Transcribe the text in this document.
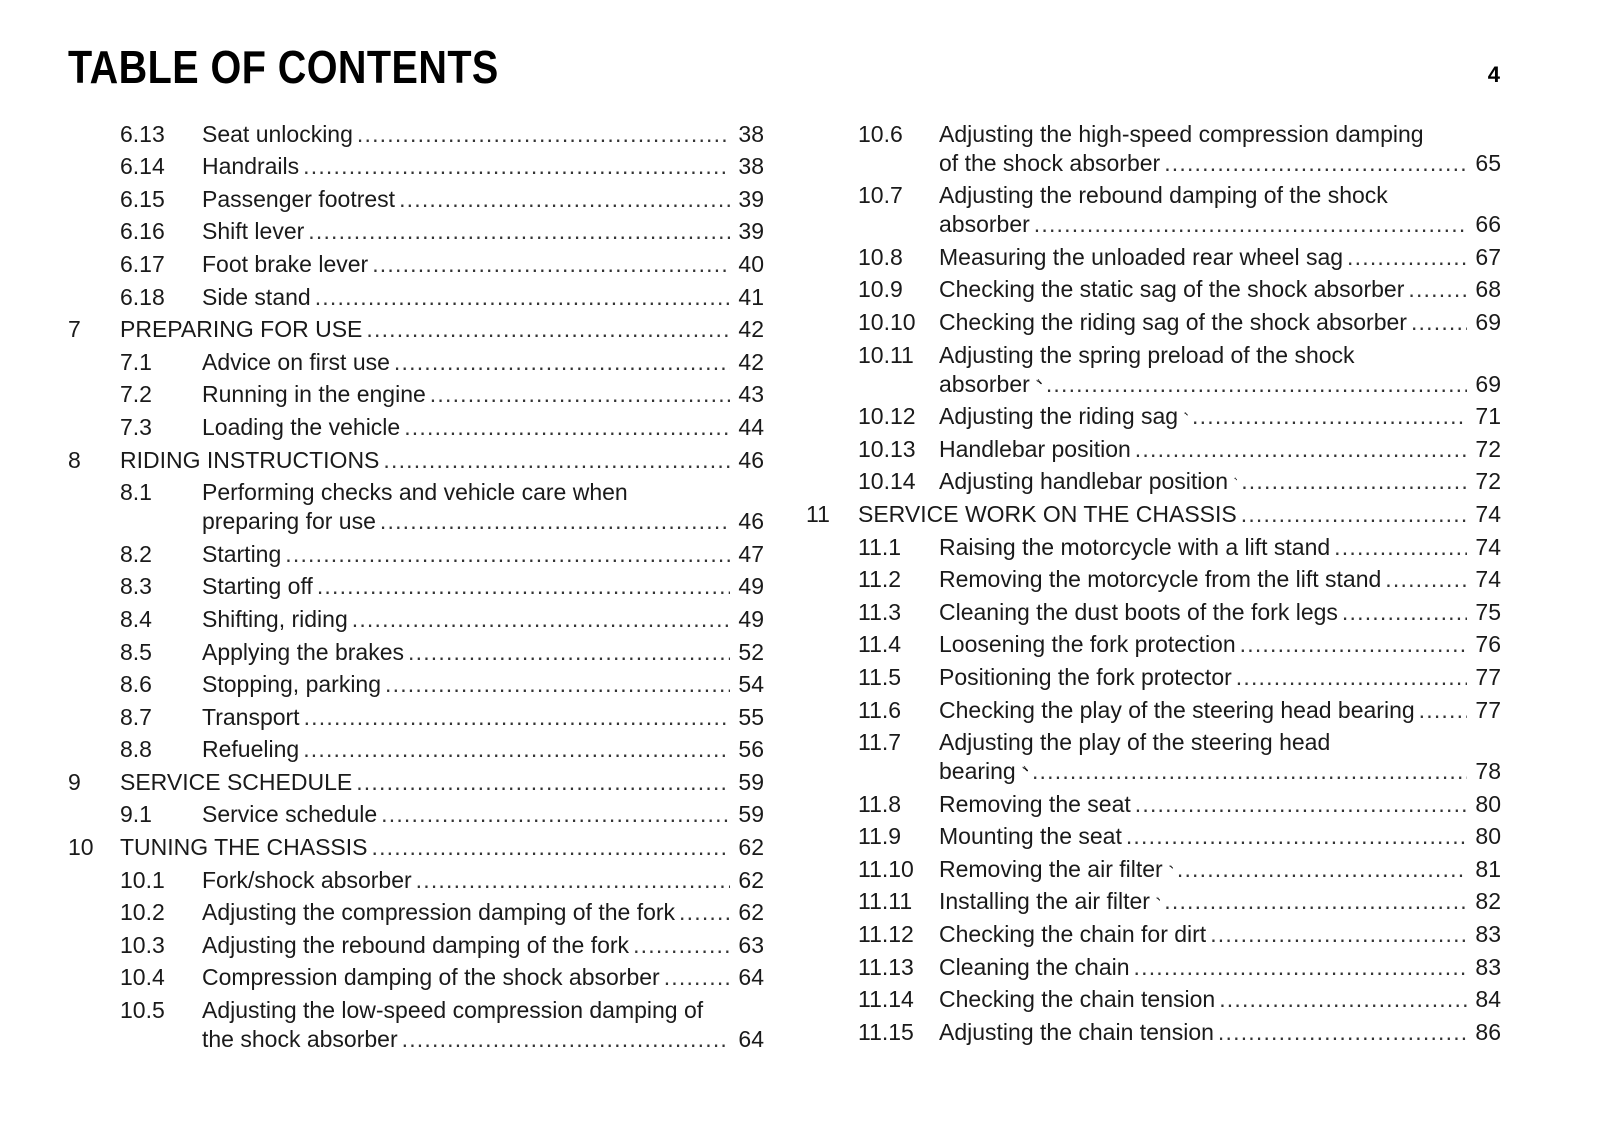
TABLE OF CONTENTS	4
6.13 Seat unlocking .....	38
6.14 Handrails .....	38
6.15 Passenger footrest .....	39
6.16 Shift lever .....	39
6.17 Foot brake lever .....	40
6.18 Side stand .....	41
7 PREPARING FOR USE .....	42
7.1 Advice on first use .....	42
7.2 Running in the engine .....	43
7.3 Loading the vehicle .....	44
8 RIDING INSTRUCTIONS .....	46
8.1 Performing checks and vehicle care when
preparing for use .....	46
8.2 Starting .....	47
8.3 Starting off .....	49
8.4 Shifting, riding .....	49
8.5 Applying the brakes .....	52
8.6 Stopping, parking .....	54
8.7 Transport .....	55
8.8 Refueling .....	56
9 SERVICE SCHEDULE .....	59
9.1 Service schedule .....	59
10 TUNING THE CHASSIS .....	62
10.1 Fork/shock absorber .....	62
10.2 Adjusting the compression damping of the fork .....	62
10.3 Adjusting the rebound damping of the fork .....	63
10.4 Compression damping of the shock absorber .....	64
10.5 Adjusting the low-speed compression damping of
the shock absorber .....	64
10.6 Adjusting the high-speed compression damping
of the shock absorber .....	65
10.7 Adjusting the rebound damping of the shock
absorber .....	66
10.8 Measuring the unloaded rear wheel sag .....	67
10.9 Checking the static sag of the shock absorber .....	68
10.10 Checking the riding sag of the shock absorber .....	69
10.11 Adjusting the spring preload of the shock
absorber .....	69
10.12 Adjusting the riding sag .....	71
10.13 Handlebar position .....	72
10.14 Adjusting handlebar position .....	72
11 SERVICE WORK ON THE CHASSIS .....	74
11.1 Raising the motorcycle with a lift stand .....	74
11.2 Removing the motorcycle from the lift stand .....	74
11.3 Cleaning the dust boots of the fork legs .....	75
11.4 Loosening the fork protection .....	76
11.5 Positioning the fork protector .....	77
11.6 Checking the play of the steering head bearing .....	77
11.7 Adjusting the play of the steering head
bearing .....	78
11.8 Removing the seat .....	80
11.9 Mounting the seat .....	80
11.10 Removing the air filter .....	81
11.11 Installing the air filter .....	82
11.12 Checking the chain for dirt .....	83
11.13 Cleaning the chain .....	83
11.14 Checking the chain tension .....	84
11.15 Adjusting the chain tension .....	86
